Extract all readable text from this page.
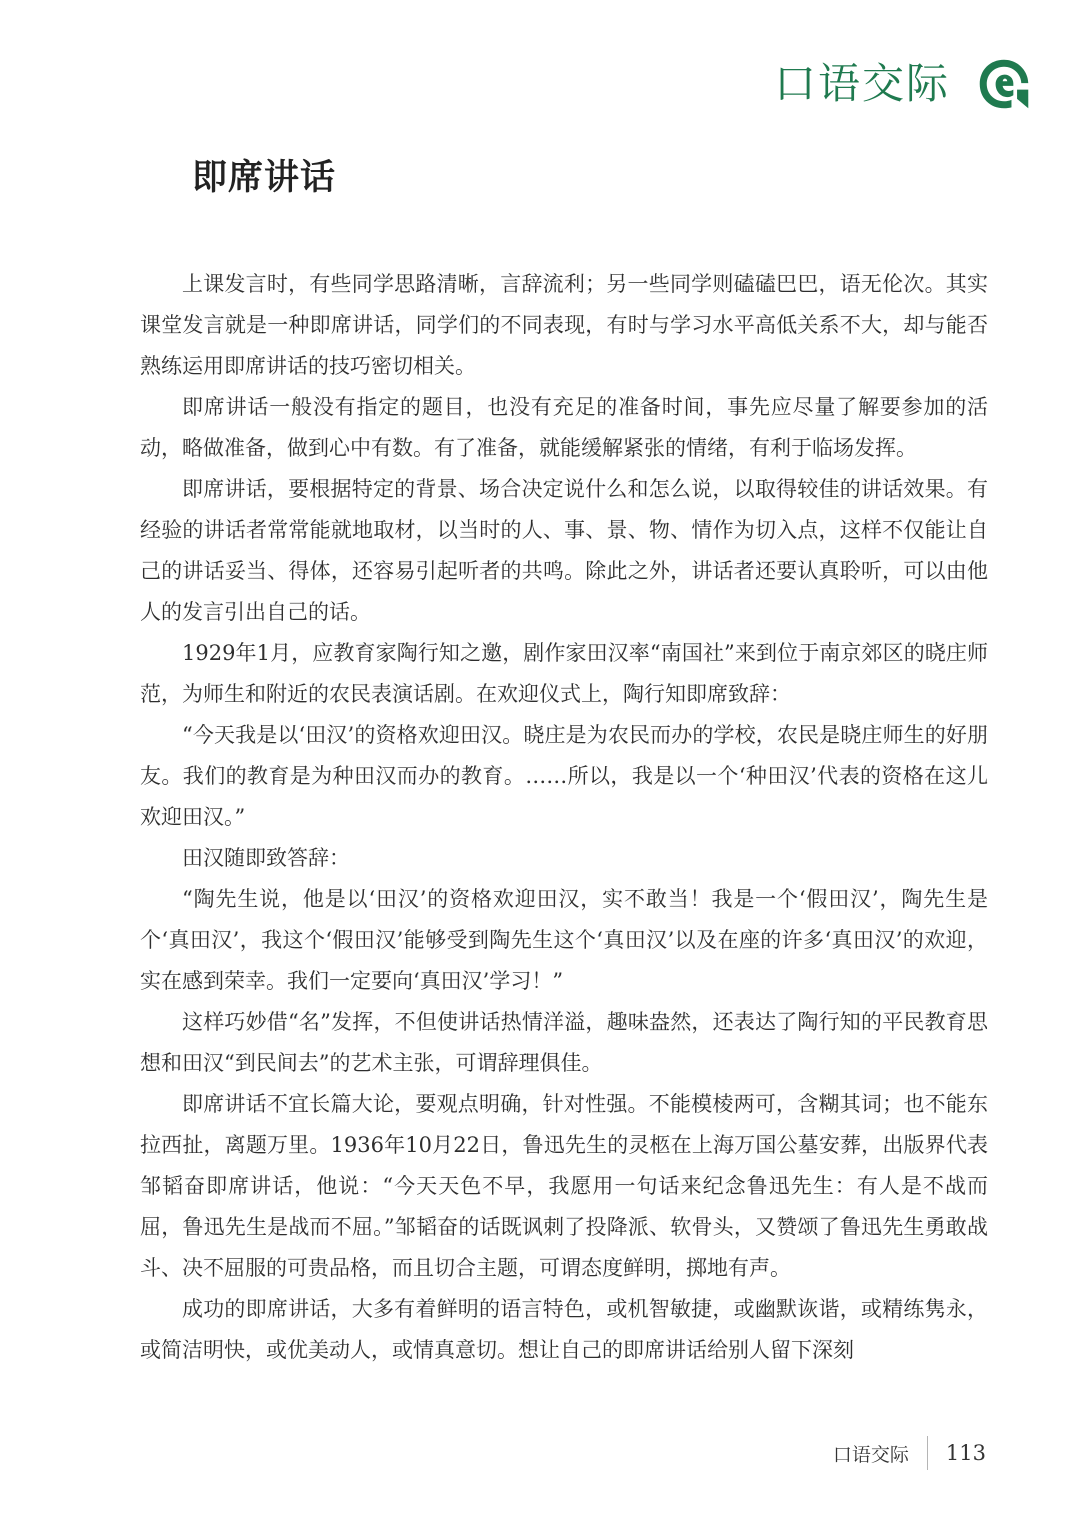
口语交际
即席讲话

上课发言时，有些同学思路清晰，言辞流利；另一些同学则磕磕巴巴，语无伦次。其实课堂发言就是一种即席讲话，同学们的不同表现，有时与学习水平高低关系不大，却与能否熟练运用即席讲话的技巧密切相关。

即席讲话一般没有指定的题目，也没有充足的准备时间，事先应尽量了解要参加的活动，略做准备，做到心中有数。有了准备，就能缓解紧张的情绪，有利于临场发挥。

即席讲话，要根据特定的背景、场合决定说什么和怎么说，以取得较佳的讲话效果。有经验的讲话者常常能就地取材，以当时的人、事、景、物、情作为切入点，这样不仅能让自己的讲话妥当、得体，还容易引起听者的共鸣。除此之外，讲话者还要认真聆听，可以由他人的发言引出自己的话。

1929年1月，应教育家陶行知之邀，剧作家田汉率“南国社”来到位于南京郊区的晓庄师范，为师生和附近的农民表演话剧。在欢迎仪式上，陶行知即席致辞：

“今天我是以‘田汉’的资格欢迎田汉。晓庄是为农民而办的学校，农民是晓庄师生的好朋友。我们的教育是为种田汉而办的教育。……所以，我是以一个‘种田汉’代表的资格在这儿欢迎田汉。”

田汉随即致答辞：

“陶先生说，他是以‘田汉’的资格欢迎田汉，实不敢当！我是一个‘假田汉’，陶先生是个‘真田汉’，我这个‘假田汉’能够受到陶先生这个‘真田汉’以及在座的许多‘真田汉’的欢迎，实在感到荣幸。我们一定要向‘真田汉’学习！”

这样巧妙借“名”发挥，不但使讲话热情洋溢，趣味盎然，还表达了陶行知的平民教育思想和田汉“到民间去”的艺术主张，可谓辞理俱佳。

即席讲话不宜长篇大论，要观点明确，针对性强。不能模棱两可，含糊其词；也不能东拉西扯，离题万里。1936年10月22日，鲁迅先生的灵柩在上海万国公墓安葬，出版界代表邹韬奋即席讲话，他说：“今天天色不早，我愿用一句话来纪念鲁迅先生：有人是不战而屈，鲁迅先生是战而不屈。”邹韬奋的话既讽刺了投降派、软骨头，又赞颂了鲁迅先生勇敢战斗、决不屈服的可贵品格，而且切合主题，可谓态度鲜明，掷地有声。

成功的即席讲话，大多有着鲜明的语言特色，或机智敏捷，或幽默诙谐，或精练隽永，或简洁明快，或优美动人，或情真意切。想让自己的即席讲话给别人留下深刻

口语交际 113
